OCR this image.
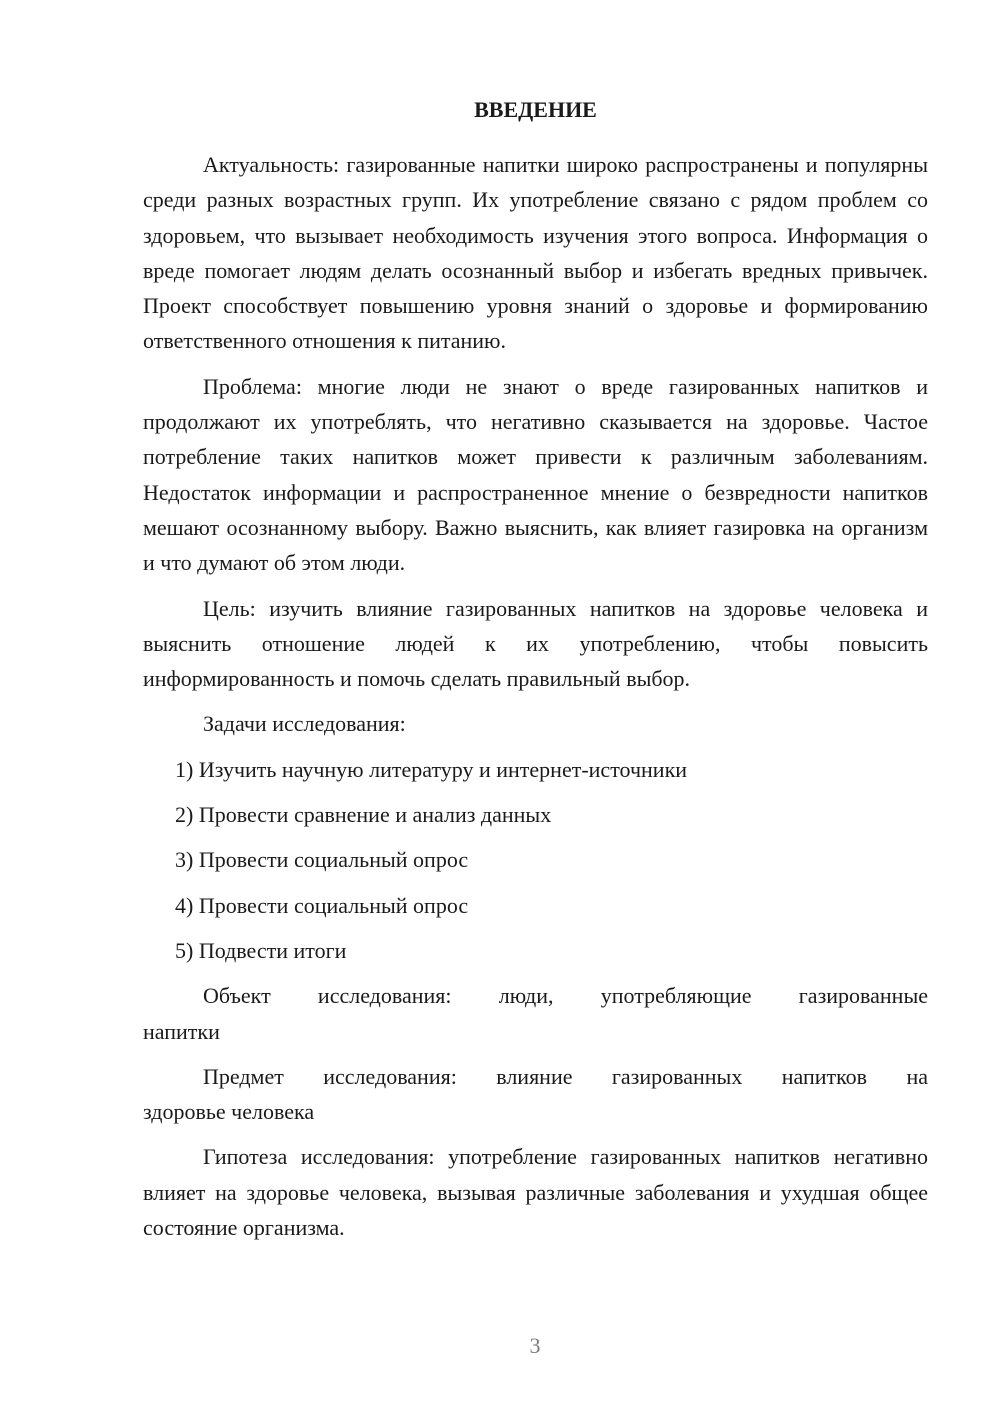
ВВЕДЕНИЕ

Актуальность: газированные напитки широко распространены и популярны среди разных возрастных групп. Их употребление связано с рядом проблем со здоровьем, что вызывает необходимость изучения этого вопроса. Информация о вреде помогает людям делать осознанный выбор и избегать вредных привычек. Проект способствует повышению уровня знаний о здоровье и формированию ответственного отношения к питанию.

Проблема: многие люди не знают о вреде газированных напитков и продолжают их употреблять, что негативно сказывается на здоровье. Частое потребление таких напитков может привести к различным заболеваниям. Недостаток информации и распространенное мнение о безвредности напитков мешают осознанному выбору. Важно выяснить, как влияет газировка на организм и что думают об этом люди.

Цель: изучить влияние газированных напитков на здоровье человека и выяснить отношение людей к их употреблению, чтобы повысить информированность и помочь сделать правильный выбор.

Задачи исследования:

1) Изучить научную литературу и интернет-источники
2) Провести сравнение и анализ данных
3) Провести социальный опрос
4) Провести социальный опрос
5) Подвести итоги
Объект исследования: люди, употребляющие газированные
напитки
Предмет исследования: влияние газированных напитков на
здоровье человека

Гипотеза исследования: употребление газированных напитков негативно влияет на здоровье человека, вызывая различные заболевания и ухудшая общее состояние организма.

3
